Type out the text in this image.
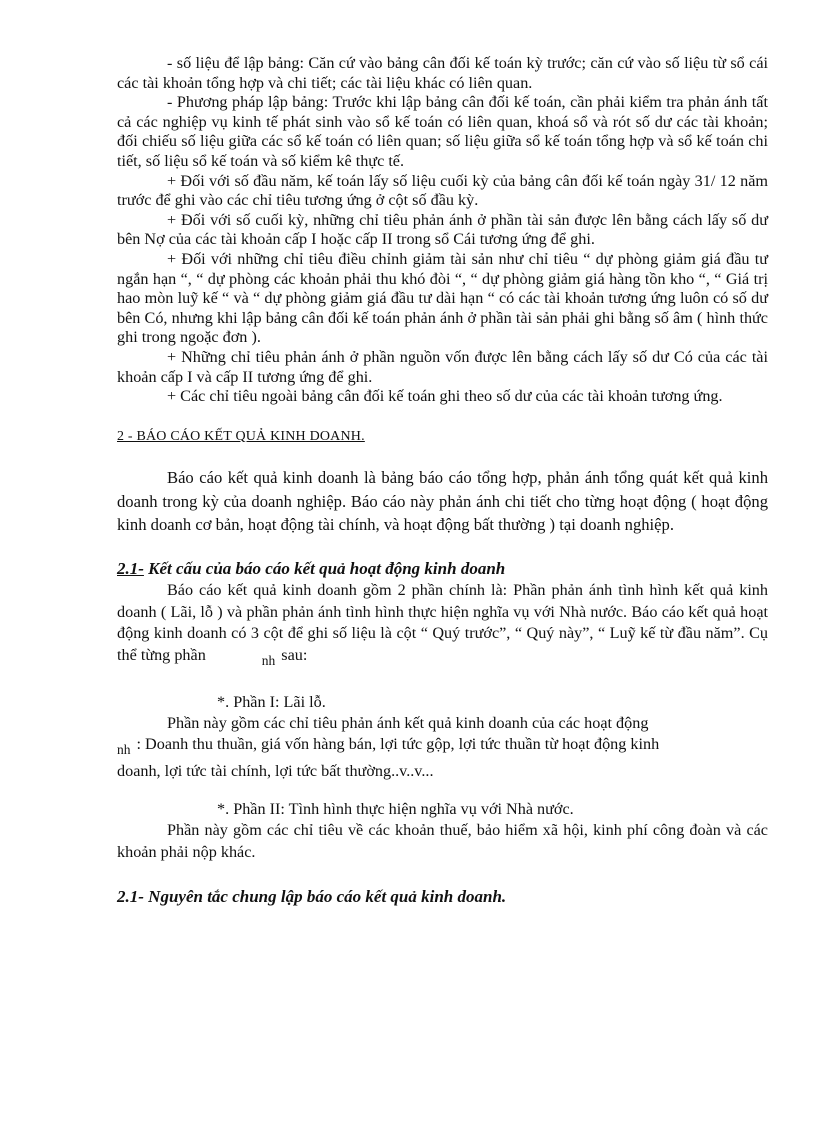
- số liệu để lập bảng: Căn cứ vào bảng cân đối kế toán kỳ trước; căn cứ vào số liệu từ sổ cái các tài khoản tổng hợp và chi tiết; các tài liệu khác có liên quan.

- Phương pháp lập bảng: Trước khi lập bảng cân đối kế toán, cần phải kiểm tra phản ánh tất cả các nghiệp vụ kinh tế phát sinh vào sổ kế toán có liên quan, khoá sổ và rót số dư các tài khoản; đối chiếu số liệu giữa các sổ kế toán có liên quan; số liệu giữa sổ kế toán tổng hợp và sổ kế toán chi tiết, số liệu sổ kế toán và số kiểm kê thực tế.

+ Đối với số đầu năm, kế toán lấy số liệu cuối kỳ của bảng cân đối kế toán ngày 31/ 12 năm trước để ghi vào các chỉ tiêu tương ứng ở cột số đầu kỳ.

+ Đối với số cuối kỳ, những chỉ tiêu phản ánh ở phần tài sản được lên bằng cách lấy số dư bên Nợ của các tài khoản cấp I hoặc cấp II trong sổ Cái tương ứng để ghi.

+ Đối với những chỉ tiêu điều chỉnh giảm tài sản như chỉ tiêu “ dự phòng giảm giá đầu tư ngắn hạn “, “ dự phòng các khoản phải thu khó đòi “, “ dự phòng giảm giá hàng tồn kho “, “ Giá trị hao mòn luỹ kế “ và “ dự phòng giảm giá đầu tư dài hạn “ có các tài khoản tương ứng luôn có số dư bên Có, nhưng khi lập bảng cân đối kế toán phản ánh ở phần tài sản phải ghi bằng số âm ( hình thức ghi trong ngoặc đơn ).

+ Những chỉ tiêu phản ánh ở phần nguồn vốn được lên bằng cách lấy số dư Có của các tài khoản cấp I và cấp II tương ứng để ghi.

+ Các chỉ tiêu ngoài bảng cân đối kế toán ghi theo số dư của các tài khoản tương ứng.

2 - BÁO CÁO KẾT QUẢ KINH DOANH.

Báo cáo kết quả kinh doanh là bảng báo cáo tổng hợp, phản ánh tổng quát kết quả kinh doanh trong kỳ của doanh nghiệp. Báo cáo này phản ánh chi tiết cho từng hoạt động ( hoạt động kinh doanh cơ bản, hoạt động tài chính, và hoạt động bất thường ) tại doanh nghiệp.

2.1- Kết cấu của báo cáo kết quả hoạt động kinh doanh

Báo cáo kết quả kinh doanh gồm 2 phần chính là: Phần phản ánh tình hình kết quả kinh doanh ( Lãi, lỗ ) và phần phản ánh tình hình thực hiện nghĩa vụ với Nhà nước. Báo cáo kết quả hoạt động kinh doanh có 3 cột để ghi số liệu là cột “ Quý trước”, “ Quý này”, “ Luỹ kế từ đầu năm”. Cụ thể từng phần	nh sau:

*. Phần I: Lãi lỗ.

Phần này gồm các chỉ tiêu phản ánh kết quả kinh doanh của các hoạt động

nh : Doanh thu thuần, giá vốn hàng bán, lợi tức gộp, lợi tức thuần từ hoạt động kinh

doanh, lợi tức tài chính, lợi tức bất thường..v..v...

*. Phần II: Tình hình thực hiện nghĩa vụ với Nhà nước.

Phần này gồm các chỉ tiêu về các khoản thuế, bảo hiểm xã hội, kinh phí công đoàn và các khoản phải nộp khác.

2.1- Nguyên tắc chung lập báo cáo kết quả kinh doanh.
